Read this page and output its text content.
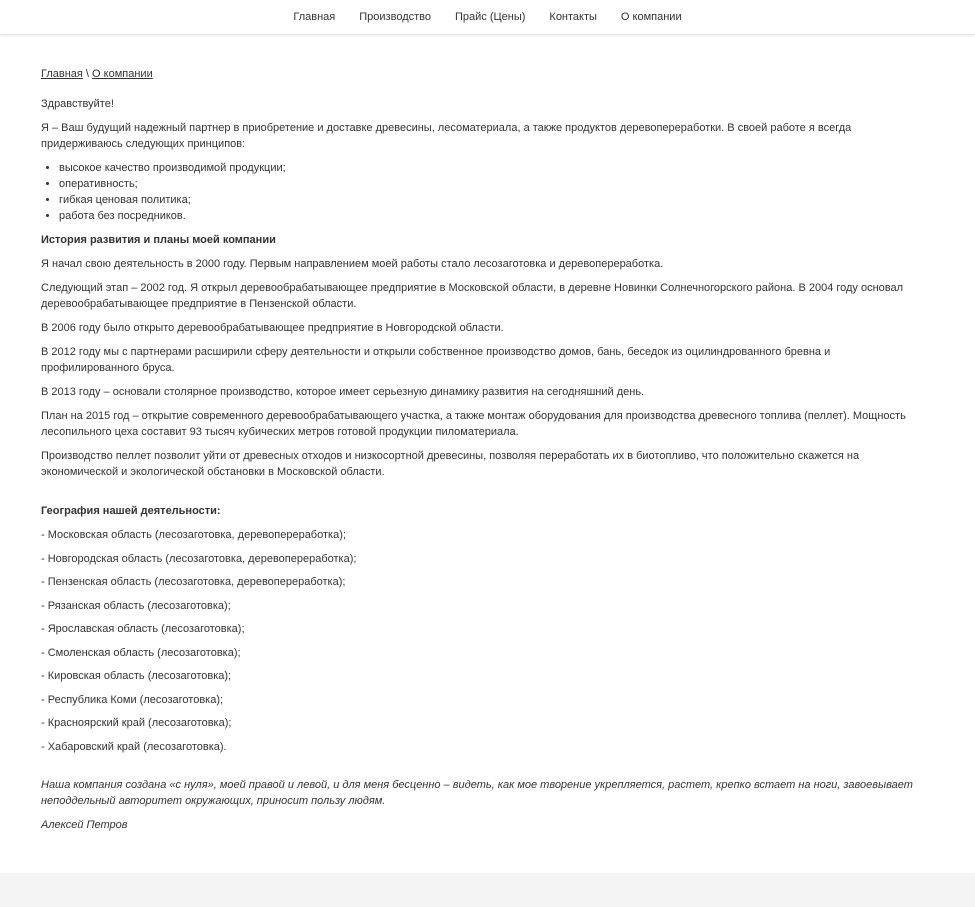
Главная Производство Прайс (Цены) Контакты О компании
Главная \ О компании

Здравствуйте!

Я – Ваш будущий надежный партнер в приобретение и доставке древесины, лесоматериала, а также продуктов деревопереработки. В своей работе я всегда придерживаюсь следующих принципов:

• высокое качество производимой продукции;
• оперативность;
• гибкая ценовая политика;
• работа без посредников.

История развития и планы моей компании

Я начал свою деятельность в 2000 году. Первым направлением моей работы стало лесозаготовка и деревопереработка.

Следующий этап – 2002 год. Я открыл деревообрабатывающее предприятие в Московской области, в деревне Новинки Солнечногорского района. В 2004 году основал деревообрабатывающее предприятие в Пензенской области.

В 2006 году было открыто деревообрабатывающее предприятие в Новгородской области.

В 2012 году мы с партнерами расширили сферу деятельности и открыли собственное производство домов, бань, беседок из оцилиндрованного бревна и профилированного бруса.

В 2013 году – основали столярное производство, которое имеет серьезную динамику развития на сегодняшний день.

План на 2015 год – открытие современного деревообрабатывающего участка, а также монтаж оборудования для производства древесного топлива (пеллет). Мощность лесопильного цеха составит 93 тысяч кубических метров готовой продукции пиломатериала.

Производство пеллет позволит уйти от древесных отходов и низкосортной древесины, позволяя переработать их в биотопливо, что положительно скажется на экономической и экологической обстановки в Московской области.

География нашей деятельности:

- Московская область (лесозаготовка, деревопереработка);

- Новгородская область (лесозаготовка, деревопереработка);

- Пензенская область (лесозаготовка, деревопереработка);

- Рязанская область (лесозаготовка);

- Ярославская область (лесозаготовка);

- Смоленская область (лесозаготовка);

- Кировская область (лесозаготовка);

- Республика Коми (лесозаготовка);

- Красноярский край (лесозаготовка);

- Хабаровский край (лесозаготовка).

Наша компания создана «с нуля», моей правой и левой, и для меня бесценно – видеть, как мое творение укрепляется, растет, крепко встает на ноги, завоевывает неподдельный авторитет окружающих, приносит пользу людям.

Алексей Петров
